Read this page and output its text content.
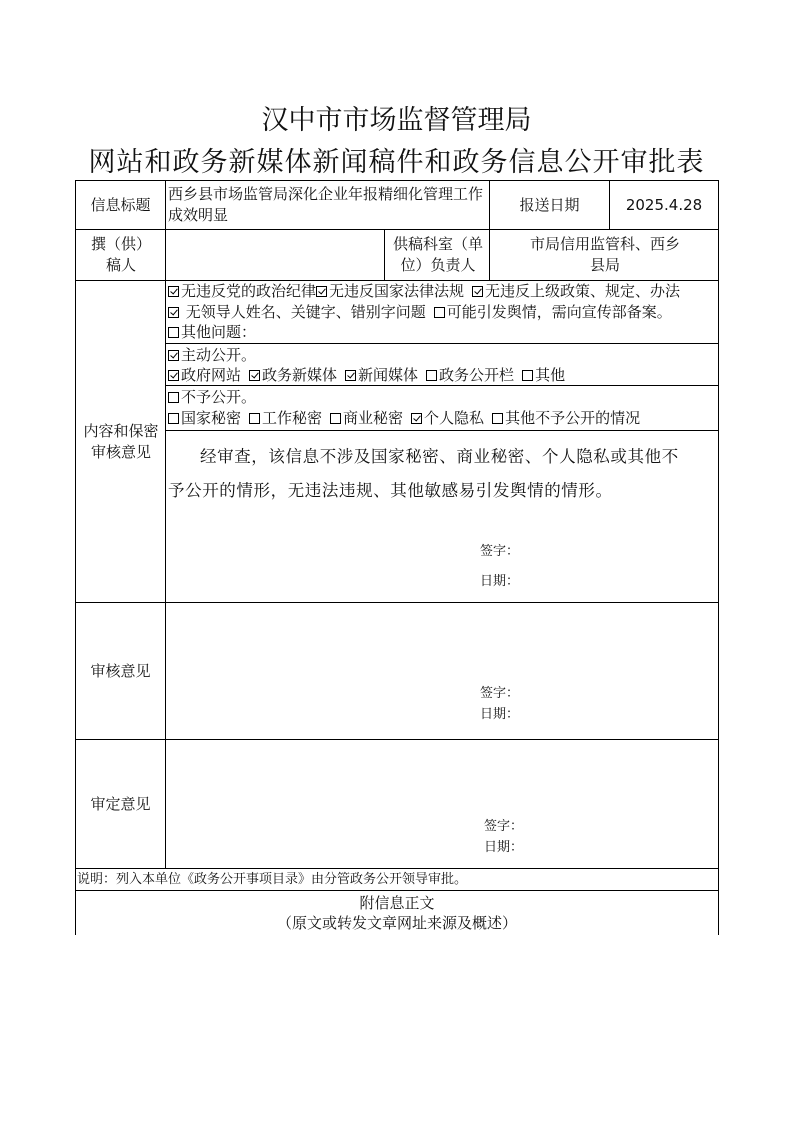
汉中市市场监督管理局
网站和政务新媒体新闻稿件和政务信息公开审批表
信息标题
西乡县市场监管局深化企业年报精细化管理工作成效明显
报送日期	2025.4.28
撰（供）稿人
供稿科室（单位）负责人
市局信用监管科、西乡县局
内容和保密审核意见
无违反党的政治纪律 无违反国家法律法规 无违反上级政策、规定、办法
无领导人姓名、关键字、错别字问题 可能引发舆情，需向宣传部备案。
其他问题：
主动公开。
政府网站 政务新媒体 新闻媒体 政务公开栏 其他
不予公开。
国家秘密 工作秘密 商业秘密 个人隐私 其他不予公开的情况
经审查，该信息不涉及国家秘密、商业秘密、个人隐私或其他不
予公开的情形，无违法违规、其他敏感易引发舆情的情形。
签字：
日期：
审核意见
签字：
日期：
审定意见
签字：
日期：
说明：列入本单位《政务公开事项目录》由分管政务公开领导审批。
附信息正文
（原文或转发文章网址来源及概述）
